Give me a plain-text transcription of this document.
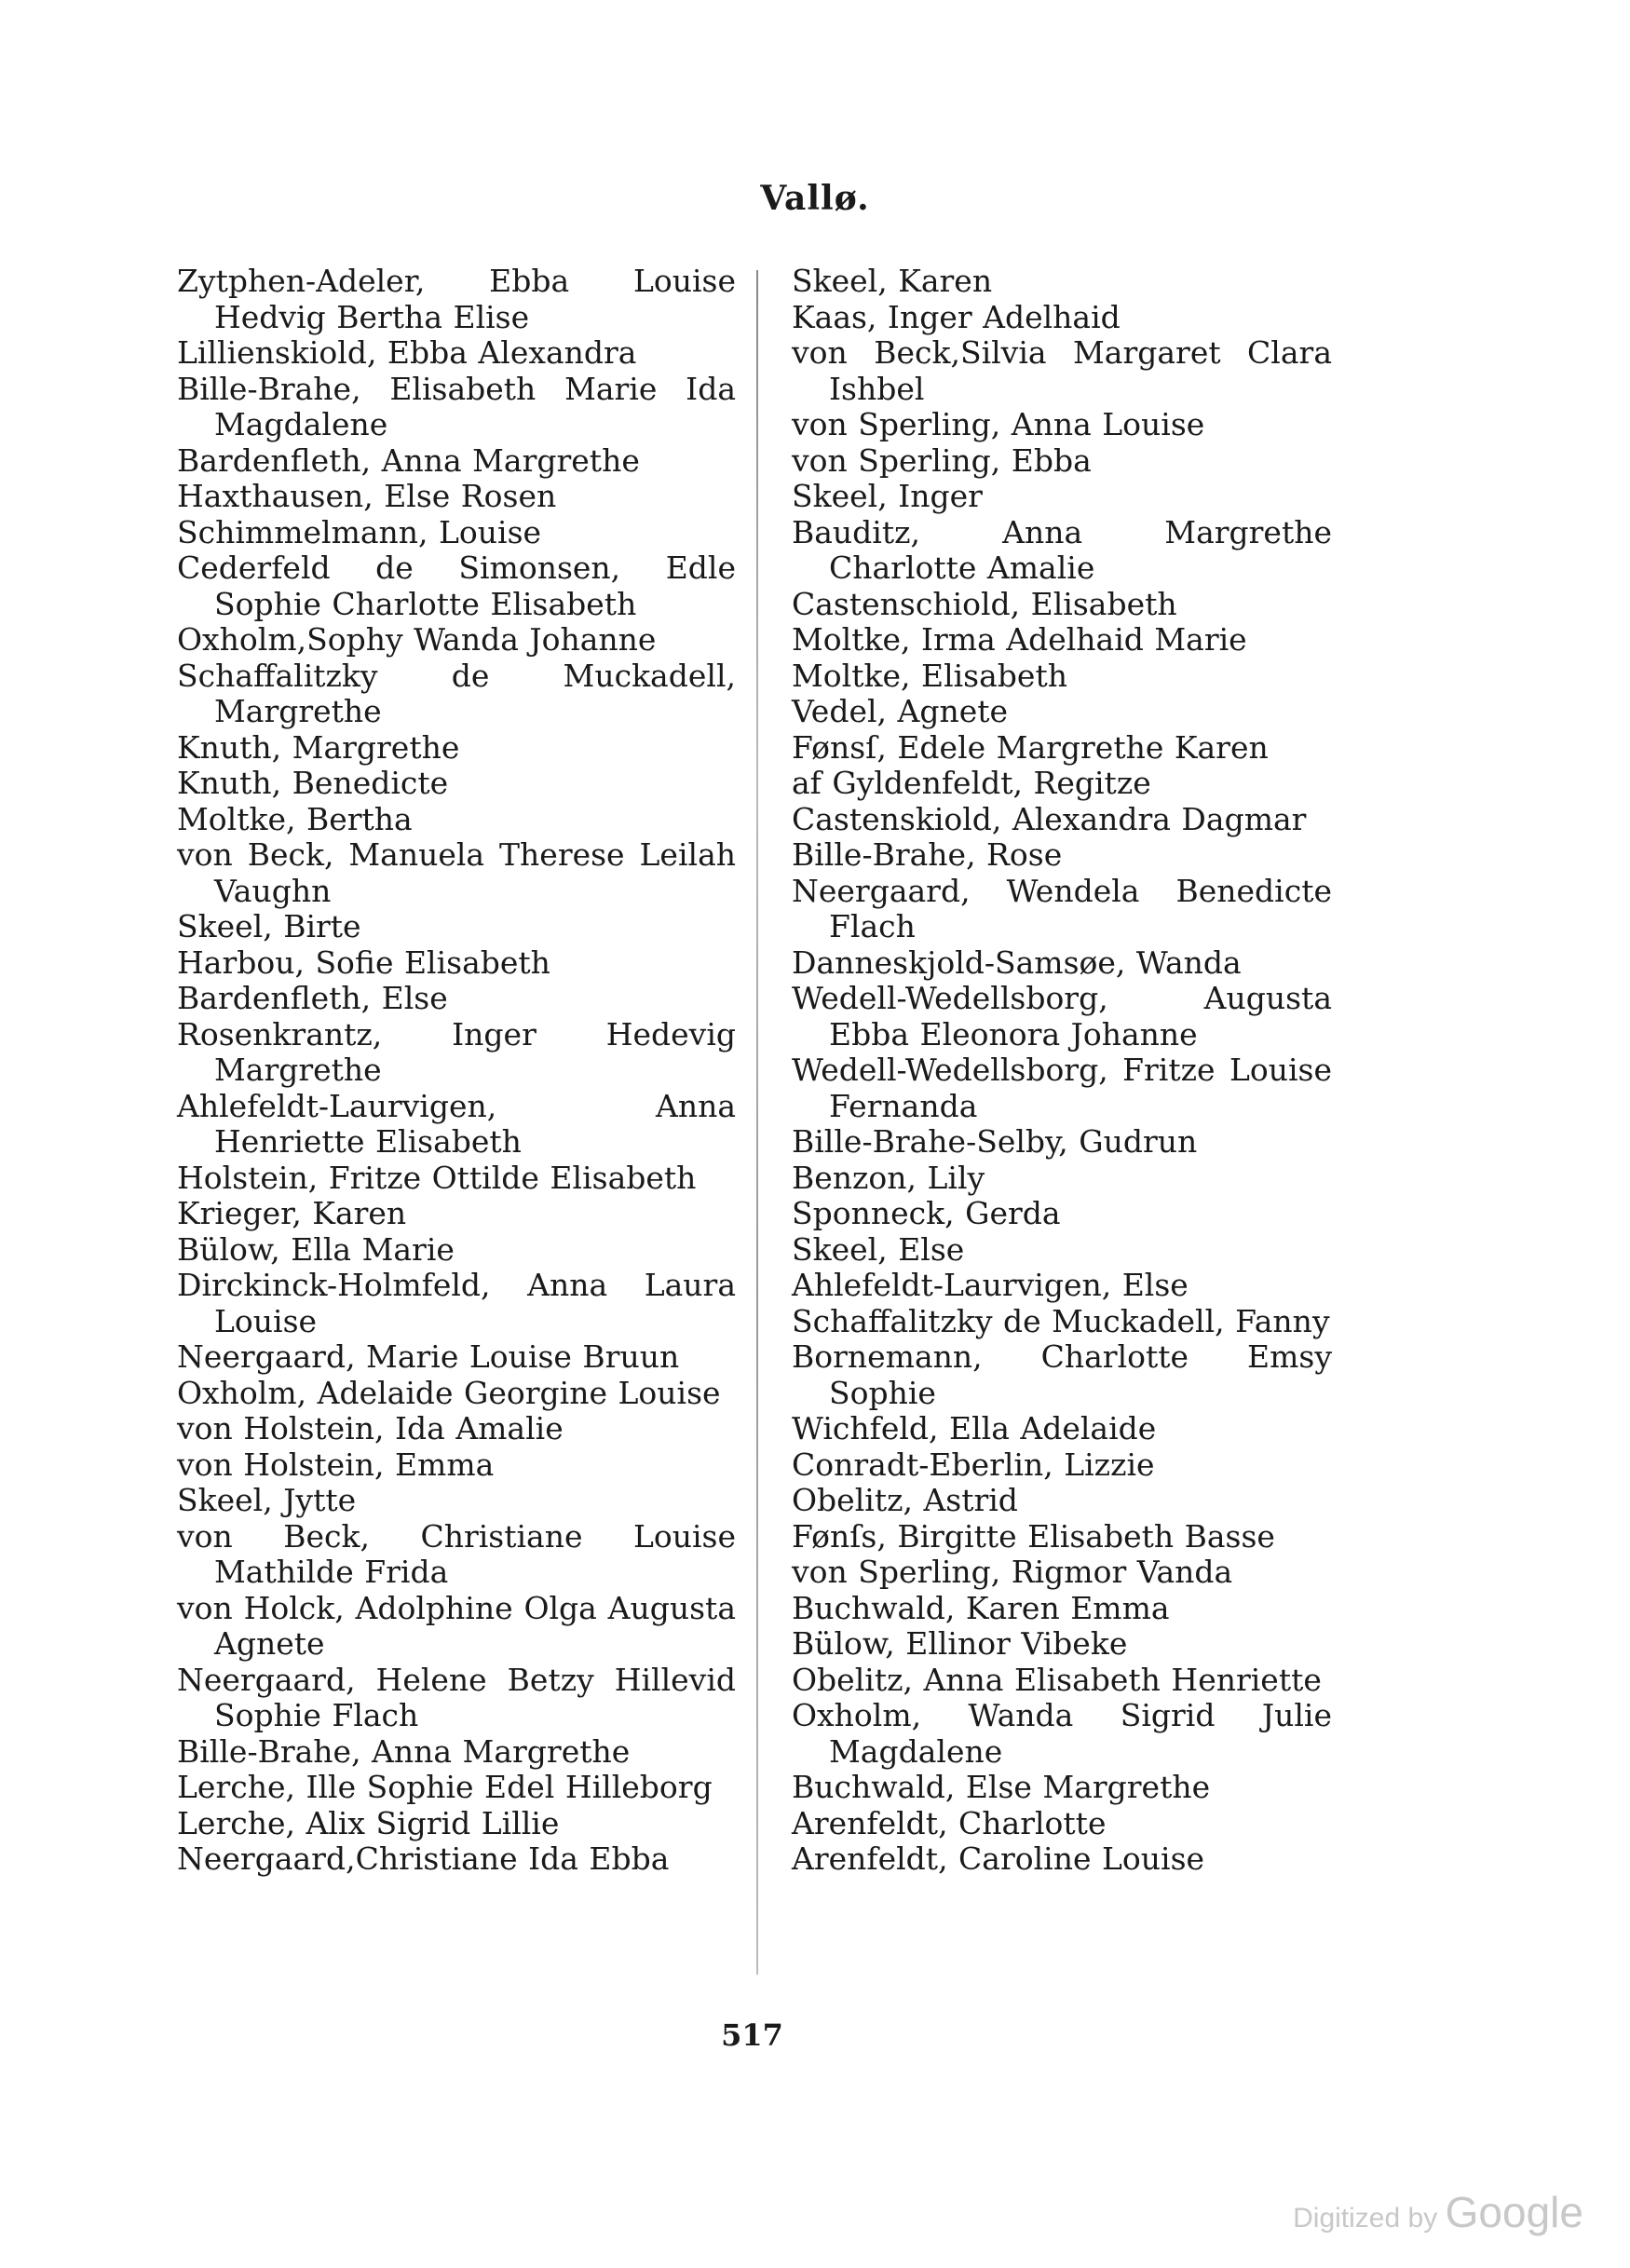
Vallø.
Zytphen-Adeler, Ebba Louise Hedvig Bertha Elise
Lillienskiold, Ebba Alexandra
Bille-Brahe, Elisabeth Marie Ida Magdalene
Bardenfleth, Anna Margrethe
Haxthausen, Else Rosen
Schimmelmann, Louise
Cederfeld de Simonsen, Edle Sophie Charlotte Elisabeth
Oxholm,Sophy Wanda Johanne
Schaffalitzky de Muckadell, Margrethe
Knuth, Margrethe
Knuth, Benedicte
Moltke, Bertha
von Beck, Manuela Therese Leilah Vaughn
Skeel, Birte
Harbou, Sofie Elisabeth
Bardenfleth, Else
Rosenkrantz, Inger Hedevig Margrethe
Ahlefeldt-Laurvigen, Anna Henriette Elisabeth
Holstein, Fritze Ottilde Elisabeth
Krieger, Karen
Bülow, Ella Marie
Dirckinck-Holmfeld, Anna Laura Louise
Neergaard, Marie Louise Bruun
Oxholm, Adelaide Georgine Louise
von Holstein, Ida Amalie
von Holstein, Emma
Skeel, Jytte
von Beck, Christiane Louise Mathilde Frida
von Holck, Adolphine Olga Augusta Agnete
Neergaard, Helene Betzy Hillevid Sophie Flach
Bille-Brahe, Anna Margrethe
Lerche, Ille Sophie Edel Hilleborg
Lerche, Alix Sigrid Lillie
Neergaard,Christiane Ida Ebba
Skeel, Karen
Kaas, Inger Adelhaid
von Beck,Silvia Margaret Clara Ishbel
von Sperling, Anna Louise
von Sperling, Ebba
Skeel, Inger
Bauditz, Anna Margrethe Charlotte Amalie
Castenschiold, Elisabeth
Moltke, Irma Adelhaid Marie
Moltke, Elisabeth
Vedel, Agnete
Fønsſ, Edele Margrethe Karen
af Gyldenfeldt, Regitze
Castenskiold, Alexandra Dagmar
Bille-Brahe, Rose
Neergaard, Wendela Benedicte Flach
Danneskjold-Samsøe, Wanda
Wedell-Wedellsborg, Augusta Ebba Eleonora Johanne
Wedell-Wedellsborg, Fritze Louise Fernanda
Bille-Brahe-Selby, Gudrun
Benzon, Lily
Sponneck, Gerda
Skeel, Else
Ahlefeldt-Laurvigen, Else
Schaffalitzky de Muckadell, Fanny
Bornemann, Charlotte Emsy Sophie
Wichfeld, Ella Adelaide
Conradt-Eberlin, Lizzie
Obelitz, Astrid
Fønſs, Birgitte Elisabeth Basse
von Sperling, Rigmor Vanda
Buchwald, Karen Emma
Bülow, Ellinor Vibeke
Obelitz, Anna Elisabeth Henriette
Oxholm, Wanda Sigrid Julie Magdalene
Buchwald, Else Margrethe
Arenfeldt, Charlotte
Arenfeldt, Caroline Louise
517
Digitized by Google
